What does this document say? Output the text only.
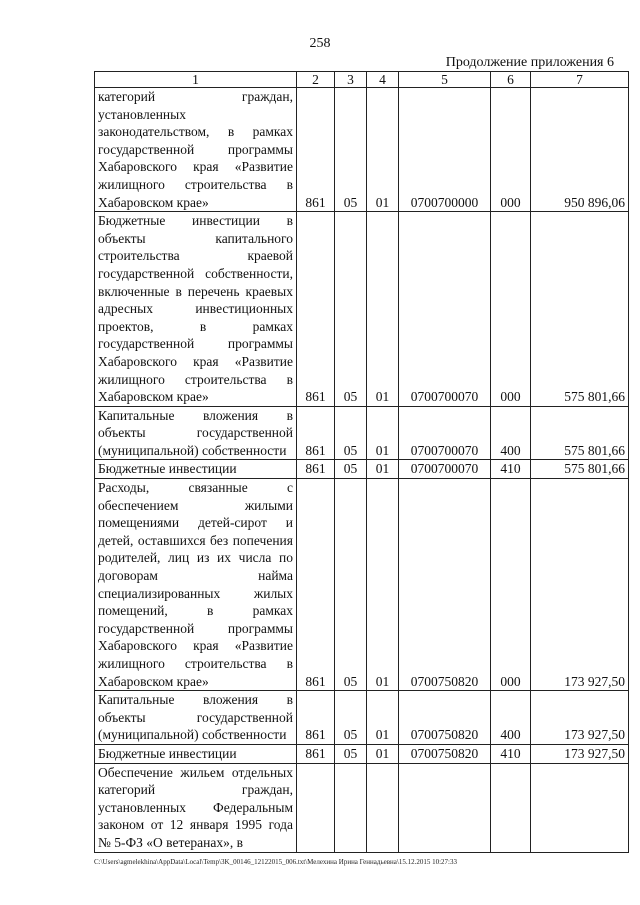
258
Продолжение приложения 6
1	2	3	4	5	6	7
категорий граждан, установленных законодательством, в рамках государственной программы Хабаровского края «Развитие жилищного строительства в Хабаровском крае»	861	05	01	0700700000	000	950 896,06
Бюджетные инвестиции в объекты капитального строительства краевой государственной собственности, включенные в перечень краевых адресных инвестиционных проектов, в рамках государственной программы Хабаровского края «Развитие жилищного строительства в Хабаровском крае»	861	05	01	0700700070	000	575 801,66
Капитальные вложения в объекты государственной (муниципальной) собственности	861	05	01	0700700070	400	575 801,66
Бюджетные инвестиции	861	05	01	0700700070	410	575 801,66
Расходы, связанные с обеспечением жилыми помещениями детей-сирот и детей, оставшихся без попечения родителей, лиц из их числа по договорам найма специализированных жилых помещений, в рамках государственной программы Хабаровского края «Развитие жилищного строительства в Хабаровском крае»	861	05	01	0700750820	000	173 927,50
Капитальные вложения в объекты государственной (муниципальной) собственности	861	05	01	0700750820	400	173 927,50
Бюджетные инвестиции	861	05	01	0700750820	410	173 927,50
Обеспечение жильем отдельных категорий граждан, установленных Федеральным законом от 12 января 1995 года № 5-ФЗ «О ветеранах», в						
C:\Users\agmelekhina\AppData\Local\Temp\3K_00146_12122015_006.txt\Мелехина Ирина Геннадьевна\15.12.2015 10:27:33
